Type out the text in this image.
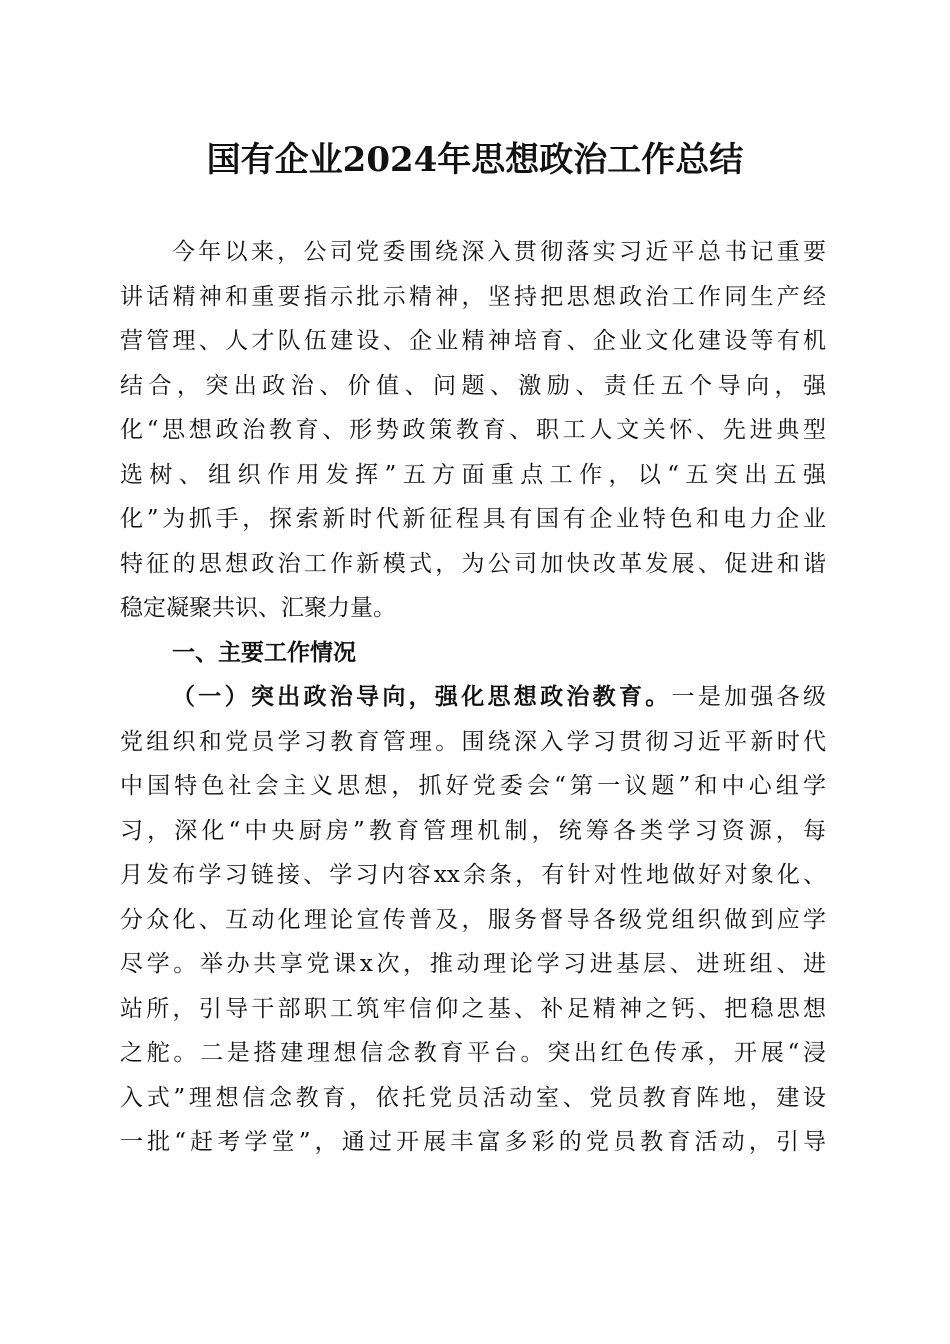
国有企业2024年思想政治工作总结
今年以来，公司党委围绕深入贯彻落实习近平总书记重要
讲话精神和重要指示批示精神，坚持把思想政治工作同生产经
营管理、人才队伍建设、企业精神培育、企业文化建设等有机
结合，突出政治、价值、问题、激励、责任五个导向，强
化“思想政治教育、形势政策教育、职工人文关怀、先进典型
选树、组织作用发挥”五方面重点工作，以“五突出五强
化”为抓手，探索新时代新征程具有国有企业特色和电力企业
特征的思想政治工作新模式，为公司加快改革发展、促进和谐
稳定凝聚共识、汇聚力量。
一、主要工作情况
（一）突出政治导向，强化思想政治教育。一是加强各级
党组织和党员学习教育管理。围绕深入学习贯彻习近平新时代
中国特色社会主义思想，抓好党委会“第一议题”和中心组学
习，深化“中央厨房”教育管理机制，统筹各类学习资源，每
月发布学习链接、学习内容xx余条，有针对性地做好对象化、
分众化、互动化理论宣传普及，服务督导各级党组织做到应学
尽学。举办共享党课x次，推动理论学习进基层、进班组、进
站所，引导干部职工筑牢信仰之基、补足精神之钙、把稳思想
之舵。二是搭建理想信念教育平台。突出红色传承，开展“浸
入式”理想信念教育，依托党员活动室、党员教育阵地，建设
一批“赶考学堂”，通过开展丰富多彩的党员教育活动，引导
